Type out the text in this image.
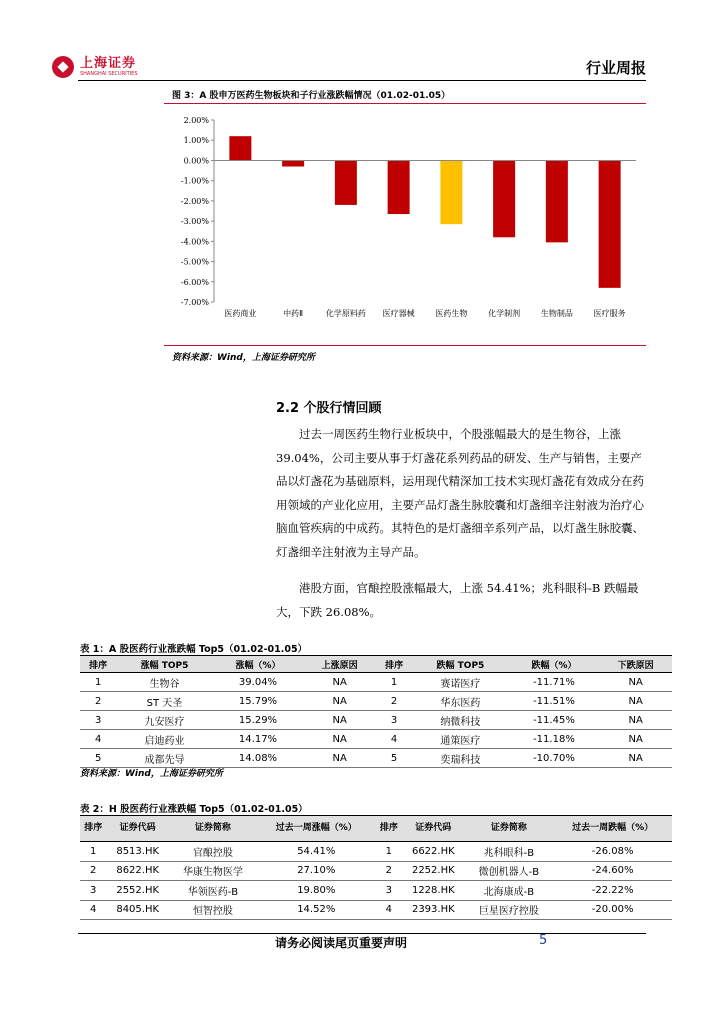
上海证券
SHANGHAI SECURITIES	行业周报
图 3：A 股申万医药生物板块和子行业涨跌幅情况（01.02-01.05）
2.00%
1.00%
0.00%
-1.00%
-2.00%
-3.00%
-4.00%
-5.00%
-6.00%
-7.00%
医药商业	中药Ⅱ	化学原料药 医疗器械	医药生物	化学制剂	生物制品	医疗服务
资料来源：Wind，上海证券研究所
2.2 个股行情回顾
过去一周医药生物行业板块中，个股涨幅最大的是生物谷，上涨 39.04%，公司主要从事于灯盏花系列药品的研发、生产与销售，主要产品以灯盏花为基础原料，运用现代精深加工技术实现灯盏花有效成分在药用领域的产业化应用，主要产品灯盏生脉胶囊和灯盏细辛注射液为治疗心脑血管疾病的中成药。其特色的是灯盏细辛系列产品，以灯盏生脉胶囊、灯盏细辛注射液为主导产品。
港股方面，官酿控股涨幅最大，上涨 54.41%；兆科眼科-B 跌幅最大，下跌 26.08%。
表 1：A 股医药行业涨跌幅 Top5（01.02-01.05）
排序	涨幅 TOP5	涨幅（%）	上涨原因	排序	跌幅 TOP5	跌幅（%）	下跌原因
1	生物谷	39.04%	NA	1	赛诺医疗	-11.71%	NA
2	ST 天圣	15.79%	NA	2	华东医药	-11.51%	NA
3	九安医疗	15.29%	NA	3	纳微科技	-11.45%	NA
4	启迪药业	14.17%	NA	4	通策医疗	-11.18%	NA
5	成都先导	14.08%	NA	5	奕瑞科技	-10.70%	NA
资料来源：Wind，上海证券研究所
表 2：H 股医药行业涨跌幅 Top5（01.02-01.05）
排序	证券代码	证券简称	过去一周涨幅（%）	排序	证券代码	证券简称	过去一周跌幅（%）
1	8513.HK	官酿控股	54.41%	1	6622.HK	兆科眼科-B	-26.08%
2	8622.HK	华康生物医学	27.10%	2	2252.HK	微创机器人-B	-24.60%
3	2552.HK	华领医药-B	19.80%	3	1228.HK	北海康成-B	-22.22%
4	8405.HK	恒智控股	14.52%	4	2393.HK	巨星医疗控股	-20.00%
请务必阅读尾页重要声明	5
